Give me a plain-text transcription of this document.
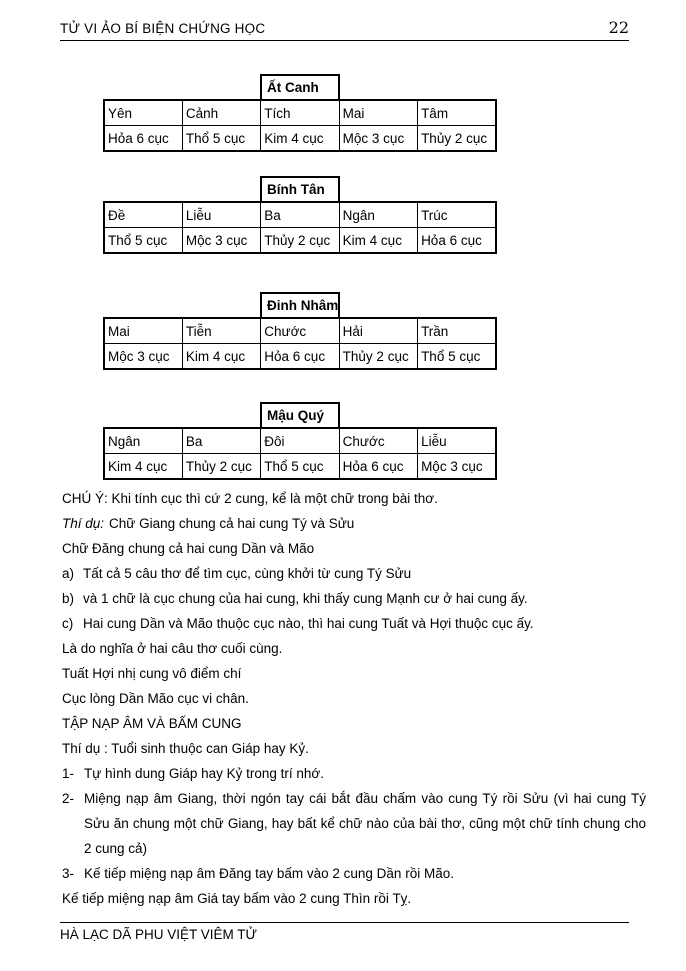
TỬ VI ẢO BÍ BIỆN CHỨNG HỌC	22
Ất Canh
Yên	Cảnh	Tích	Mai	Tâm
Hỏa 6 cục	Thổ 5 cục	Kim 4 cục	Mộc 3 cục	Thủy 2 cục
Bính Tân
Đề	Liễu	Ba	Ngân	Trúc
Thổ 5 cục	Mộc 3 cục	Thủy 2 cục	Kim 4 cục	Hỏa 6 cục
Đinh Nhâm
Mai	Tiễn	Chước	Hải	Trần
Mộc 3 cục	Kim 4 cục	Hỏa 6 cục	Thủy 2 cục	Thổ 5 cục
Mậu Quý
Ngân	Ba	Đôi	Chước	Liễu
Kim 4 cục	Thủy 2 cục	Thổ 5 cục	Hỏa 6 cục	Mộc 3 cục

CHÚ Ý: Khi tính cục thì cứ 2 cung, kể là một chữ trong bài thơ.

Thí dụ: Chữ Giang chung cả hai cung Tý và Sửu

Chữ Đăng chung cả hai cung Dần và Mão

a) Tất cả 5 câu thơ để tìm cục, cùng khởi từ cung Tý Sửu

b) và 1 chữ là cục chung của hai cung, khi thấy cung Mạnh cư ở hai cung ấy.

c) Hai cung Dần và Mão thuộc cục nào, thì hai cung Tuất và Hợi thuộc cục ấy.

Là do nghĩa ở hai câu thơ cuối cùng.

Tuất Hợi nhị cung vô điểm chí

Cục lòng Dần Mão cục vi chân.

TẬP NẠP ÂM VÀ BẤM CUNG

Thí dụ : Tuổi sinh thuộc can Giáp hay Kỷ.

1- Tự hình dung Giáp hay Kỷ trong trí nhớ.

2- Miệng nạp âm Giang, thời ngón tay cái bắt đầu chấm vào cung Tý rồi Sửu (vì hai cung Tý Sửu ăn chung một chữ Giang, hay bất kể chữ nào của bài thơ, cũng một chữ tính chung cho 2 cung cả)

3- Kế tiếp miệng nạp âm Đăng tay bấm vào 2 cung Dần rồi Mão.

Kế tiếp miệng nạp âm Giá tay bấm vào 2 cung Thìn rồi Tỵ.

HÀ LẠC DÃ PHU VIỆT VIÊM TỬ
